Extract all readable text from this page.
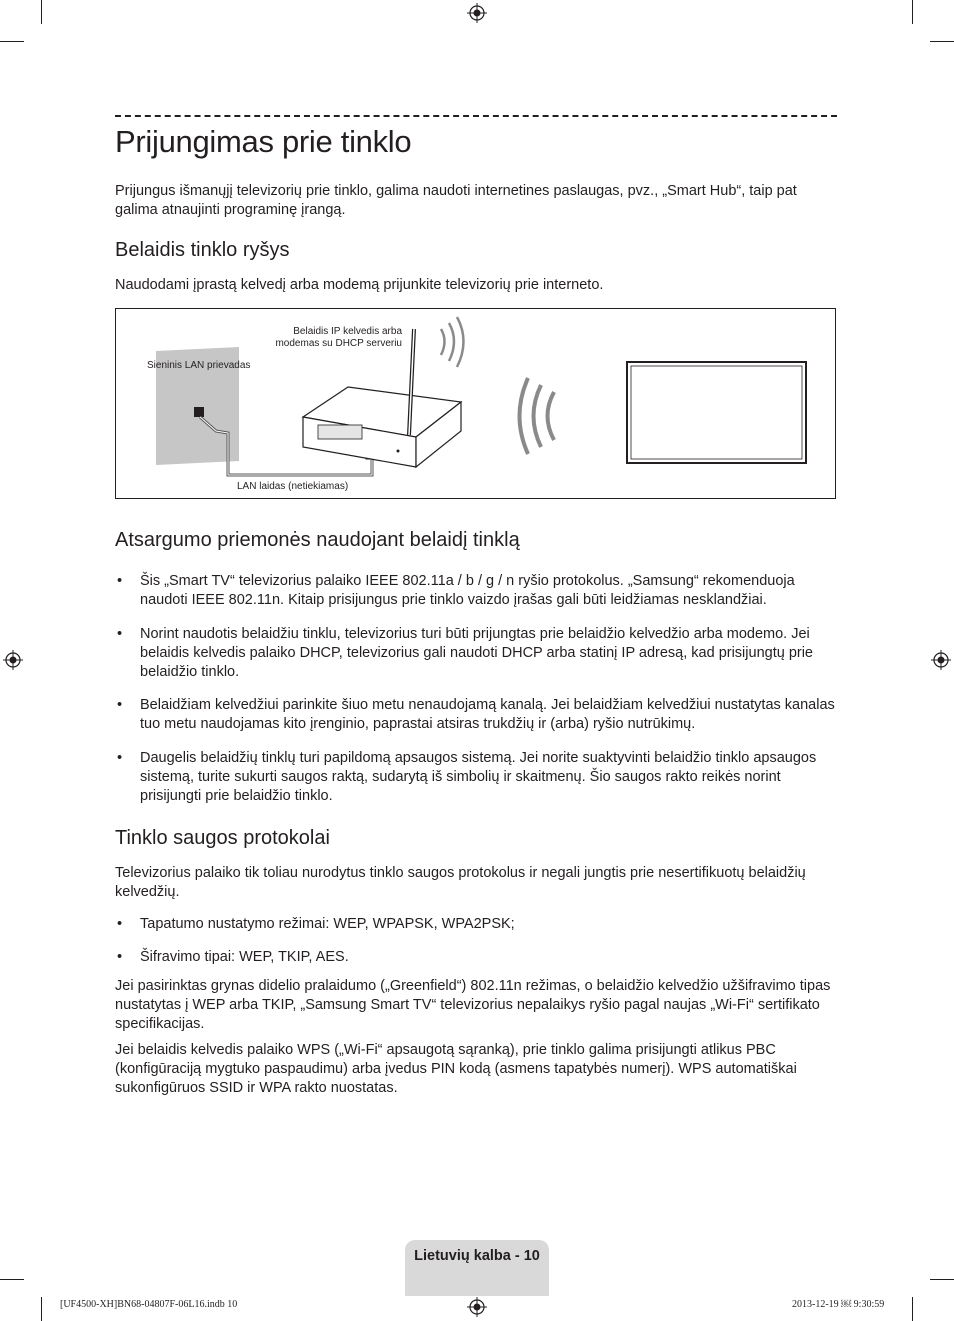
Prijungimas prie tinklo

Prijungus išmanųjį televizorių prie tinklo, galima naudoti internetines paslaugas, pvz., „Smart Hub“, taip pat galima atnaujinti programinę įrangą.

Belaidis tinklo ryšys

Naudodami įprastą kelvedį arba modemą prijunkite televizorių prie interneto.

Belaidis IP kelvedis arba
modemas su DHCP serveriu
Sieninis LAN prievadas
LAN laidas (netiekiamas)
Atsargumo priemonės naudojant belaidį tinklą
• Šis „Smart TV“ televizorius palaiko IEEE 802.11a / b / g / n ryšio protokolus. „Samsung“ rekomenduoja naudoti IEEE 802.11n. Kitaip prisijungus prie tinklo vaizdo įrašas gali būti leidžiamas nesklandžiai.
• Norint naudotis belaidžiu tinklu, televizorius turi būti prijungtas prie belaidžio kelvedžio arba modemo. Jei belaidis kelvedis palaiko DHCP, televizorius gali naudoti DHCP arba statinį IP adresą, kad prisijungtų prie belaidžio tinklo.
• Belaidžiam kelvedžiui parinkite šiuo metu nenaudojamą kanalą. Jei belaidžiam kelvedžiui nustatytas kanalas tuo metu naudojamas kito įrenginio, paprastai atsiras trukdžių ir (arba) ryšio nutrūkimų.
• Daugelis belaidžių tinklų turi papildomą apsaugos sistemą. Jei norite suaktyvinti belaidžio tinklo apsaugos sistemą, turite sukurti saugos raktą, sudarytą iš simbolių ir skaitmenų. Šio saugos rakto reikės norint prisijungti prie belaidžio tinklo.
Tinklo saugos protokolai

Televizorius palaiko tik toliau nurodytus tinklo saugos protokolus ir negali jungtis prie nesertifikuotų belaidžių kelvedžių.

• Tapatumo nustatymo režimai: WEP, WPAPSK, WPA2PSK;
• Šifravimo tipai: WEP, TKIP, AES.

Jei pasirinktas grynas didelio pralaidumo („Greenfield“) 802.11n režimas, o belaidžio kelvedžio užšifravimo tipas nustatytas į WEP arba TKIP, „Samsung Smart TV“ televizorius nepalaikys ryšio pagal naujas „Wi-Fi“ sertifikato specifikacijas.

Jei belaidis kelvedis palaiko WPS („Wi-Fi“ apsaugotą sąranką), prie tinklo galima prisijungti atlikus PBC (konfigūraciją mygtuko paspaudimu) arba įvedus PIN kodą (asmens tapatybės numerį). WPS automatiškai sukonfigūruos SSID ir WPA rakto nuostatas.

Lietuvių kalba - 10
[UF4500-XH]BN68-04807F-06L16.indb 10	2013-12-19 ￼ 9:30:59
